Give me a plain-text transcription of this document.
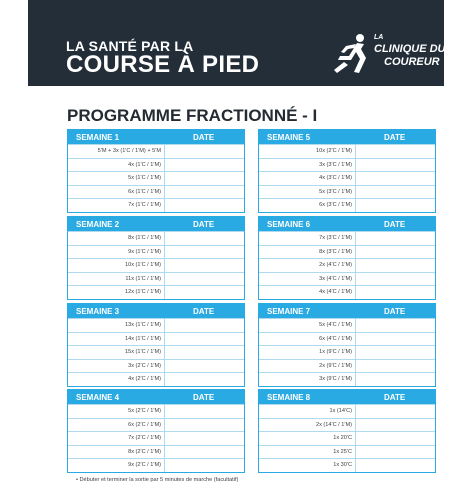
LA SANTÉ PAR LA
COURSE À PIED
LA
CLINIQUE DU
COUREUR
PROGRAMME FRACTIONNÉ - I
SEMAINE 1	DATE
5'M + 3x (1'C / 1'M) + 5'M
4x (1'C / 1'M)
5x (1'C / 1'M)
6x (1'C / 1'M)
7x (1'C / 1'M)
SEMAINE 5	DATE
10x (2'C / 1'M)
3x (3'C / 1'M)
4x (3'C / 1'M)
5x (3'C / 1'M)
6x (3'C / 1'M)
SEMAINE 2	DATE
8x (1'C / 1'M)
9x (1'C / 1'M)
10x (1'C / 1'M)
11x (1'C / 1'M)
12x (1'C / 1'M)
SEMAINE 6	DATE
7x (3'C / 1'M)
8x (3'C / 1'M)
2x (4'C / 1'M)
3x (4'C / 1'M)
4x (4'C / 1'M)
SEMAINE 3	DATE
13x (1'C / 1'M)
14x (1'C / 1'M)
15x (1'C / 1'M)
3x (2'C / 1'M)
4x (2'C / 1'M)
SEMAINE 7	DATE
5x (4'C / 1'M)
6x (4'C / 1'M)
1x (9'C / 1'M)
2x (9'C / 1'M)
3x (9'C / 1'M)
SEMAINE 4	DATE
5x (2'C / 1'M)
6x (2'C / 1'M)
7x (2'C / 1'M)
8x (2'C / 1'M)
9x (2'C / 1'M)
SEMAINE 8	DATE
1x (14'C)
2x (14'C / 1'M)
1x 20'C
1x 25'C
1x 30'C
• Débuter et terminer la sortie par 5 minutes de marche (facultatif)
